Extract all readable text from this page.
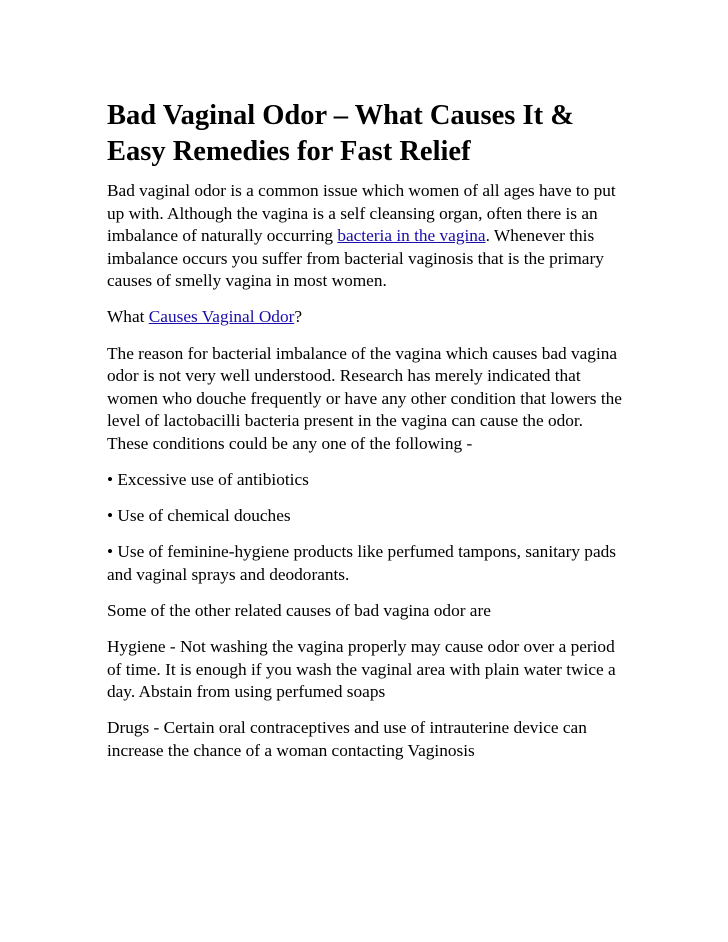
Bad Vaginal Odor – What Causes It & Easy Remedies for Fast Relief

Bad vaginal odor is a common issue which women of all ages have to put up with. Although the vagina is a self cleansing organ, often there is an imbalance of naturally occurring bacteria in the vagina. Whenever this imbalance occurs you suffer from bacterial vaginosis that is the primary causes of smelly vagina in most women.

What Causes Vaginal Odor?

The reason for bacterial imbalance of the vagina which causes bad vagina odor is not very well understood. Research has merely indicated that women who douche frequently or have any other condition that lowers the level of lactobacilli bacteria present in the vagina can cause the odor. These conditions could be any one of the following -

• Excessive use of antibiotics

• Use of chemical douches

• Use of feminine-hygiene products like perfumed tampons, sanitary pads and vaginal sprays and deodorants.

Some of the other related causes of bad vagina odor are

Hygiene - Not washing the vagina properly may cause odor over a period of time. It is enough if you wash the vaginal area with plain water twice a day. Abstain from using perfumed soaps

Drugs - Certain oral contraceptives and use of intrauterine device can increase the chance of a woman contacting Vaginosis
